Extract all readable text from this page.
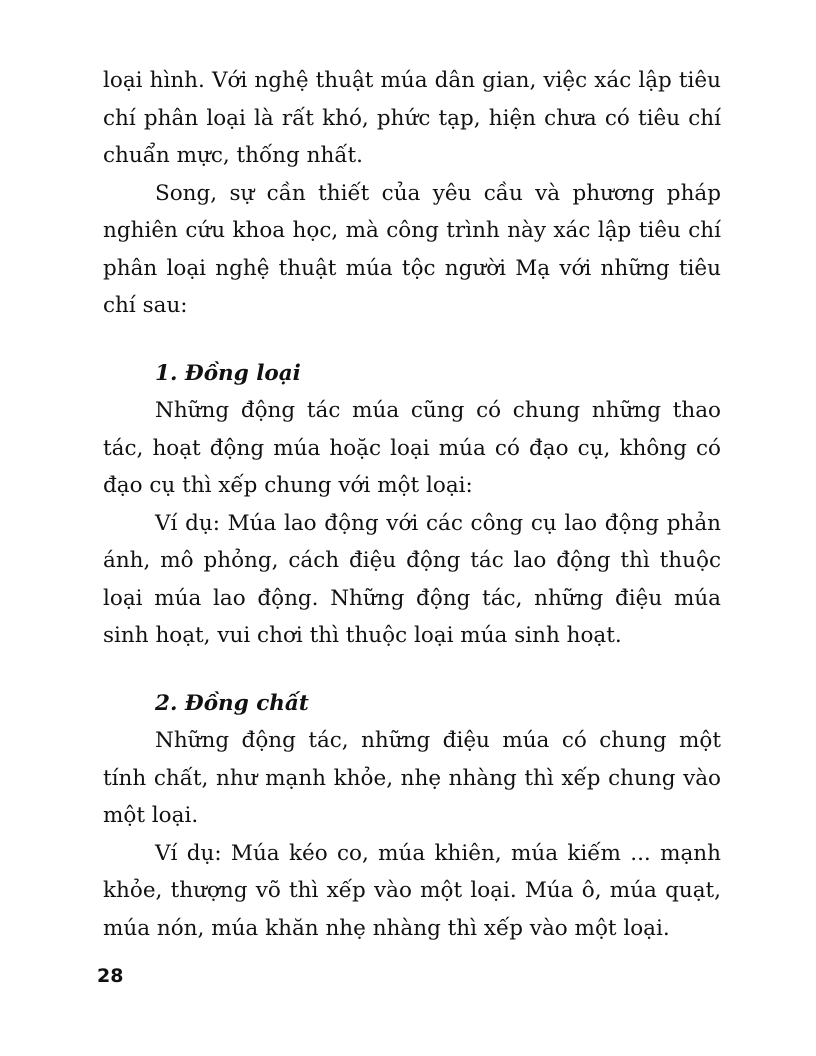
loại hình. Với nghệ thuật múa dân gian, việc xác lập tiêu chí phân loại là rất khó, phức tạp, hiện chưa có tiêu chí chuẩn mực, thống nhất.

Song, sự cần thiết của yêu cầu và phương pháp nghiên cứu khoa học, mà công trình này xác lập tiêu chí phân loại nghệ thuật múa tộc người Mạ với những tiêu chí sau:

1. Đồng loại

Những động tác múa cũng có chung những thao tác, hoạt động múa hoặc loại múa có đạo cụ, không có đạo cụ thì xếp chung với một loại:

Ví dụ: Múa lao động với các công cụ lao động phản ánh, mô phỏng, cách điệu động tác lao động thì thuộc loại múa lao động. Những động tác, những điệu múa sinh hoạt, vui chơi thì thuộc loại múa sinh hoạt.

2. Đồng chất

Những động tác, những điệu múa có chung một tính chất, như mạnh khỏe, nhẹ nhàng thì xếp chung vào một loại.

Ví dụ: Múa kéo co, múa khiên, múa kiếm ... mạnh khỏe, thượng võ thì xếp vào một loại. Múa ô, múa quạt, múa nón, múa khăn nhẹ nhàng thì xếp vào một loại.

28
